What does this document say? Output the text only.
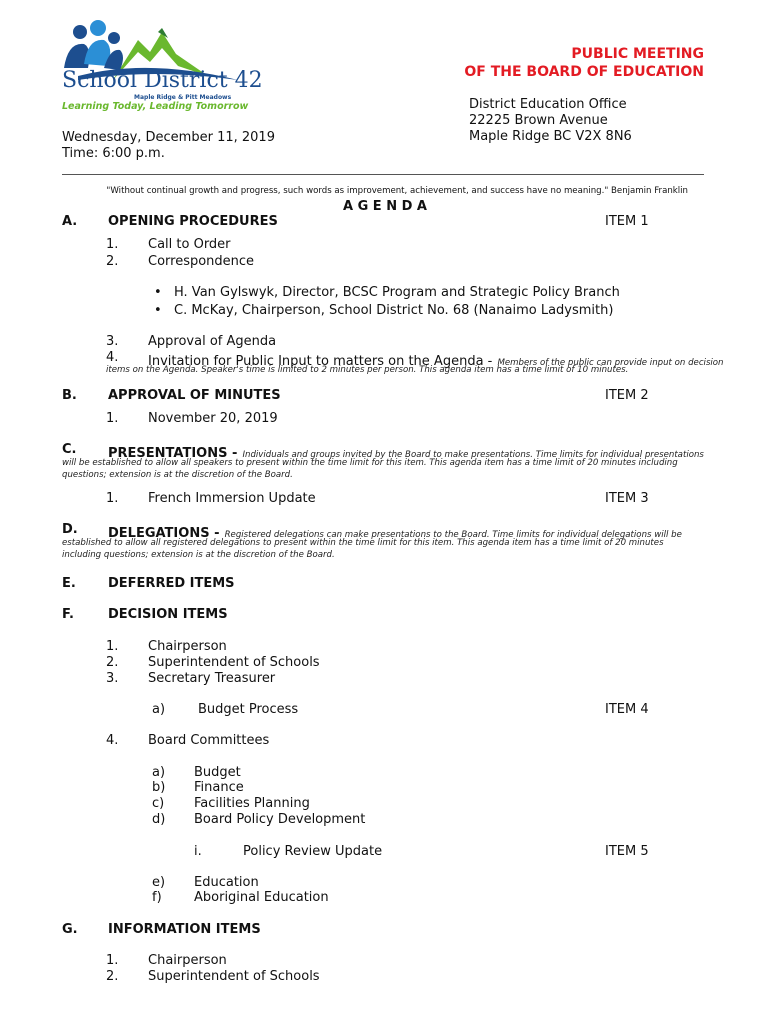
School District 42
Maple Ridge & Pitt Meadows
Learning Today, Leading Tomorrow
PUBLIC MEETING
OF THE BOARD OF EDUCATION
District Education Office
22225 Brown Avenue
Maple Ridge BC V2X 8N6
Wednesday, December 11, 2019
Time: 6:00 p.m.
"Without continual growth and progress, such words as improvement, achievement, and success have no meaning." Benjamin Franklin
A G E N D A
A. OPENING PROCEDURES	ITEM 1
1. Call to Order
2. Correspondence
• H. Van Gylswyk, Director, BCSC Program and Strategic Policy Branch
• C. McKay, Chairperson, School District No. 68 (Nanaimo Ladysmith)
3. Approval of Agenda
4. Invitation for Public Input to matters on the Agenda - Members of the public can provide input on decision
items on the Agenda. Speaker's time is limited to 2 minutes per person. This agenda item has a time limit of 10 minutes.
B. APPROVAL OF MINUTES	ITEM 2
1. November 20, 2019
C. PRESENTATIONS - Individuals and groups invited by the Board to make presentations. Time limits for individual presentations
will be established to allow all speakers to present within the time limit for this item. This agenda item has a time limit of 20 minutes including
questions; extension is at the discretion of the Board.
1. French Immersion Update	ITEM 3
D. DELEGATIONS - Registered delegations can make presentations to the Board. Time limits for individual delegations will be
established to allow all registered delegations to present within the time limit for this item. This agenda item has a time limit of 20 minutes
including questions; extension is at the discretion of the Board.
E. DEFERRED ITEMS
F.	DECISION ITEMS
1. Chairperson
2. Superintendent of Schools
3. Secretary Treasurer
a)	Budget Process	ITEM 4
4. Board Committees
a) Budget
b) Finance
c) Facilities Planning
d) Board Policy Development
i.	Policy Review Update	ITEM 5
e) Education
f) Aboriginal Education
G. INFORMATION ITEMS
1. Chairperson
2. Superintendent of Schools
